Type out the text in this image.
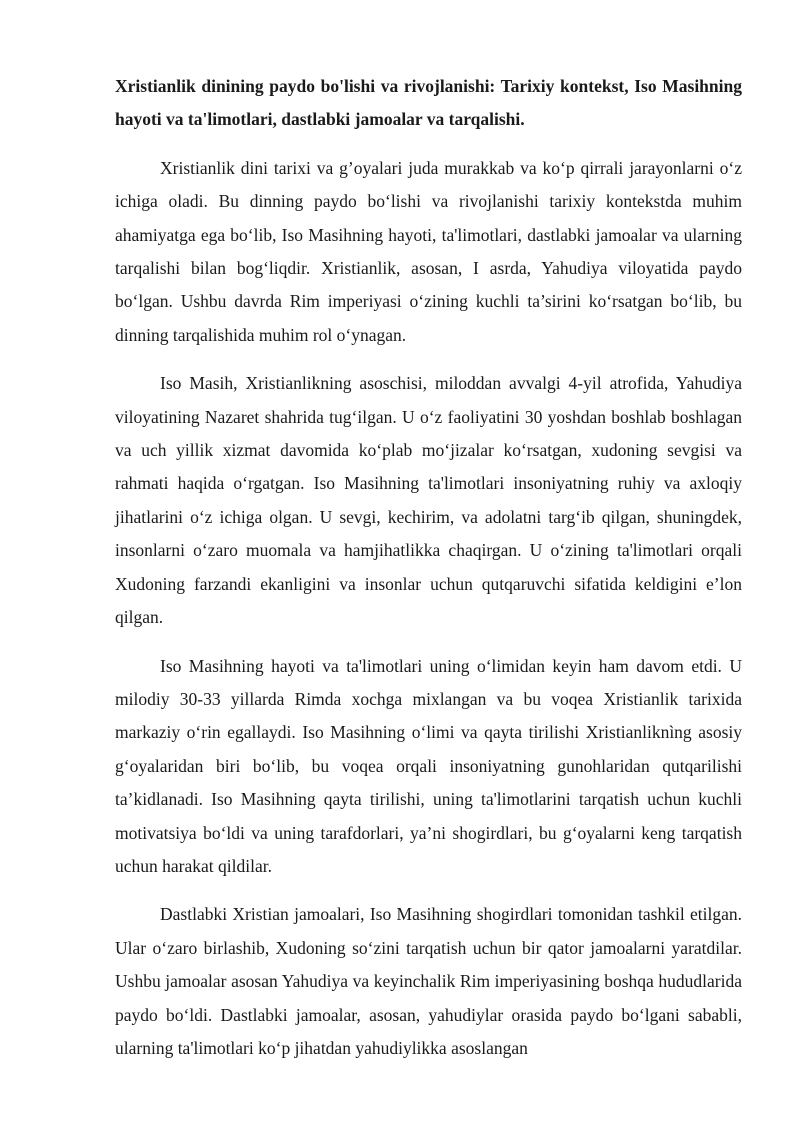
Xristianlik dinining paydo bo'lishi va rivojlanishi: Tarixiy kontekst, Iso Masihning hayoti va ta'limotlari, dastlabki jamoalar va tarqalishi.

Xristianlik dini tarixi va g’oyalari juda murakkab va ko‘p qirrali jarayonlarni o‘z ichiga oladi. Bu dinning paydo bo‘lishi va rivojlanishi tarixiy kontekstda muhim ahamiyatga ega bo‘lib, Iso Masihning hayoti, ta'limotlari, dastlabki jamoalar va ularning tarqalishi bilan bog‘liqdir. Xristianlik, asosan, I asrda, Yahudiya viloyatida paydo bo‘lgan. Ushbu davrda Rim imperiyasi o‘zining kuchli ta’sirini ko‘rsatgan bo‘lib, bu dinning tarqalishida muhim rol o‘ynagan.

Iso Masih, Xristianlikning asoschisi, miloddan avvalgi 4-yil atrofida, Yahudiya viloyatining Nazaret shahrida tug‘ilgan. U o‘z faoliyatini 30 yoshdan boshlab boshlagan va uch yillik xizmat davomida ko‘plab mo‘jizalar ko‘rsatgan, xudoning sevgisi va rahmati haqida o‘rgatgan. Iso Masihning ta'limotlari insoniyatning ruhiy va axloqiy jihatlarini o‘z ichiga olgan. U sevgi, kechirim, va adolatni targ‘ib qilgan, shuningdek, insonlarni o‘zaro muomala va hamjihatlikka chaqirgan. U o‘zining ta'limotlari orqali Xudoning farzandi ekanligini va insonlar uchun qutqaruvchi sifatida keldigini e’lon qilgan.

Iso Masihning hayoti va ta'limotlari uning o‘limidan keyin ham davom etdi. U milodiy 30-33 yillarda Rimda xochga mixlangan va bu voqea Xristianlik tarixida markaziy o‘rin egallaydi. Iso Masihning o‘limi va qayta tirilishi Xristianliknìng asosiy g‘oyalaridan biri bo‘lib, bu voqea orqali insoniyatning gunohlaridan qutqarilishi ta’kidlanadi. Iso Masihning qayta tirilishi, uning ta'limotlarini tarqatish uchun kuchli motivatsiya bo‘ldi va uning tarafdorlari, ya’ni shogirdlari, bu g‘oyalarni keng tarqatish uchun harakat qildilar.

Dastlabki Xristian jamoalari, Iso Masihning shogirdlari tomonidan tashkil etilgan. Ular o‘zaro birlashib, Xudoning so‘zini tarqatish uchun bir qator jamoalarni yaratdilar. Ushbu jamoalar asosan Yahudiya va keyinchalik Rim imperiyasining boshqa hududlarida paydo bo‘ldi. Dastlabki jamoalar, asosan, yahudiylar orasida paydo bo‘lgani sababli, ularning ta'limotlari ko‘p jihatdan yahudiylikka asoslangan
